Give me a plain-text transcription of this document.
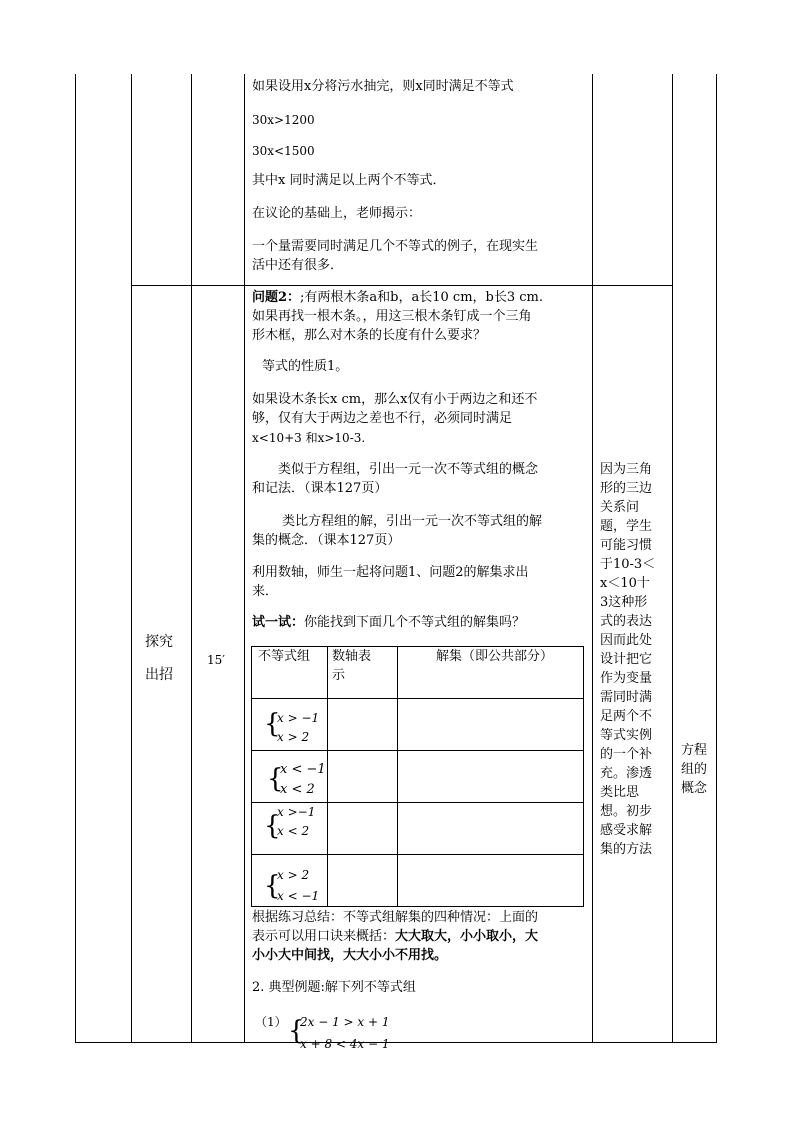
探究
出招
15′
如果设用x分将污水抽完，则x同时满足不等式
30x>1200
30x<1500
其中x 同时满足以上两个不等式．
在议论的基础上，老师揭示：
一个量需要同时满足几个不等式的例子，在现实生
活中还有很多．
问题2：;有两根木条a和b，a长10 cm，b长3 cm.
如果再找一根木条。，用这三根木条钉成一个三角
形木框，那么对木条的长度有什么要求？
等式的性质1。
如果设木条长x cm，那么x仅有小于两边之和还不
够，仅有大于两边之差也不行，必须同时满足
x<10+3 和x>10-3.
类似于方程组，引出一元一次不等式组的概念
和记法．（课本127页）
类比方程组的解，引出一元一次不等式组的解
集的概念．（课本127页）
利用数轴，师生一起将问题1、问题2的解集求出
来．
试一试：你能找到下面几个不等式组的解集吗？
不等式组 数轴表
示
解集（即公共部分）
{
x > −1
x > 2
{
x < −1
x < 2
{
x >−1
x < 2
{
x > 2
x < −1
根据练习总结：不等式组解集的四种情况：上面的
表示可以用口诀来概括：大大取大，小小取小，大
小小大中间找，大大小小不用找。
2. 典型例题:解下列不等式组
（1） {
2x − 1 > x + 1
x + 8 < 4x − 1
因为三角
形的三边
关系问
题，学生
可能习惯
于10-3＜
x＜10十
3这种形
式的表达
因而此处
设计把它
作为变量
需同时满
足两个不
等式实例
的一个补
充。渗透
类比思
想。初步
感受求解
集的方法
方程
组的
概念
